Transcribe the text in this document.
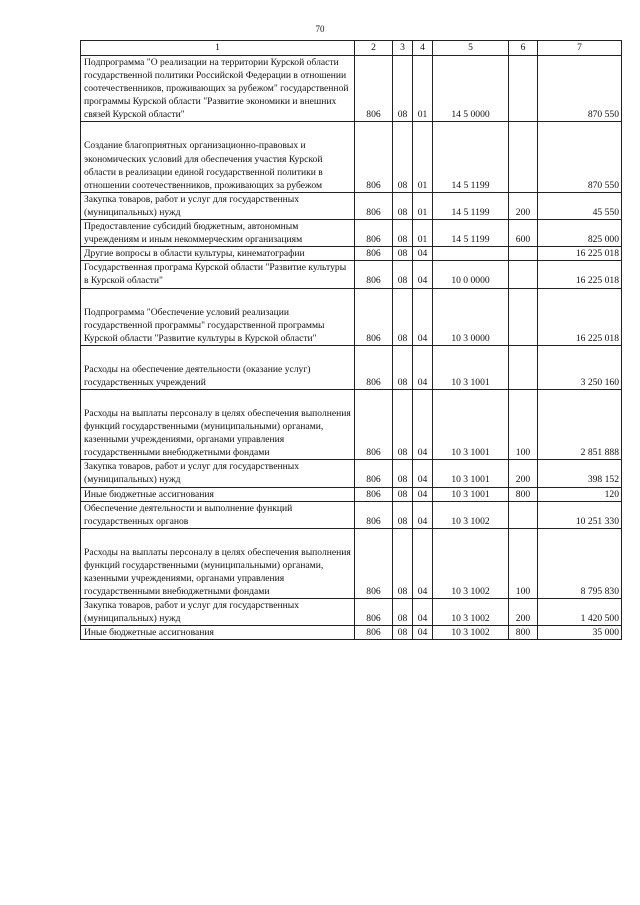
70
1	2	3	4	5	6	7
Подпрограмма "О реализации на территории Курской области государственной политики Российской Федерации в отношении соотечественников, проживающих за рубежом" государственной программы Курской области "Развитие экономики и внешних связей Курской области"	806	08	01	14 5 0000		870 550

Создание благоприятных организационно-правовых и экономических условий для обеспечения участия Курской области в реализации единой государственной политики в отношении соотечественников, проживающих за рубежом	806	08	01	14 5 1199		870 550
Закупка товаров, работ и услуг для государственных (муниципальных) нужд	806	08	01	14 5 1199	200	45 550
Предоставление субсидий бюджетным, автономным учреждениям и иным некоммерческим организациям	806	08	01	14 5 1199	600	825 000
Другие вопросы в области культуры, кинематографии	806	08	04			16 225 018
Государственная програма Курской области "Развитие культуры в Курской области"	806	08	04	10 0 0000		16 225 018

Подпрограмма "Обеспечение условий реализации государственной программы" государственной программы Курской области "Развитие культуры в Курской области"	806	08	04	10 3 0000		16 225 018

Расходы на обеспечение деятельности (оказание услуг) государственных учреждений	806	08	04	10 3 1001		3 250 160

Расходы на выплаты персоналу в целях обеспечения выполнения функций государственными (муниципальными) органами, казенными учреждениями, органами управления государственными внебюджетными фондами	806	08	04	10 3 1001	100	2 851 888
Закупка товаров, работ и услуг для государственных (муниципальных) нужд	806	08	04	10 3 1001	200	398 152
Иные бюджетные ассигнования	806	08	04	10 3 1001	800	120
Обеспечение деятельности и выполнение функций государственных органов	806	08	04	10 3 1002		10 251 330

Расходы на выплаты персоналу в целях обеспечения выполнения функций государственными (муниципальными) органами, казенными учреждениями, органами управления государственными внебюджетными фондами	806	08	04	10 3 1002	100	8 795 830
Закупка товаров, работ и услуг для государственных (муниципальных) нужд	806	08	04	10 3 1002	200	1 420 500
Иные бюджетные ассигнования	806	08	04	10 3 1002	800	35 000
